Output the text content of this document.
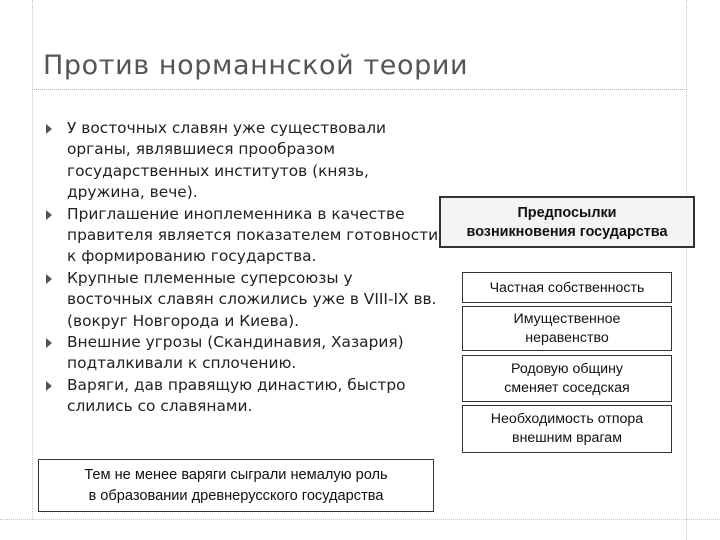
Против норманнской теории
У восточных славян уже существовали органы, являвшиеся прообразом государственных институтов (князь, дружина, вече).
Приглашение иноплеменника в качестве правителя является показателем готовности к формированию государства.
Крупные племенные суперсоюзы у восточных славян сложились уже в VIII-IX вв. (вокруг Новгорода и Киева).
Внешние угрозы (Скандинавия, Хазария) подталкивали к сплочению.
Варяги, дав правящую династию, быстро слились со славянами.
Предпосылки
возникновения государства
Частная собственность
Имущественное
неравенство
Родовую общину
сменяет соседская
Необходимость отпора
внешним врагам
Тем не менее варяги сыграли немалую роль
в образовании древнерусского государства
